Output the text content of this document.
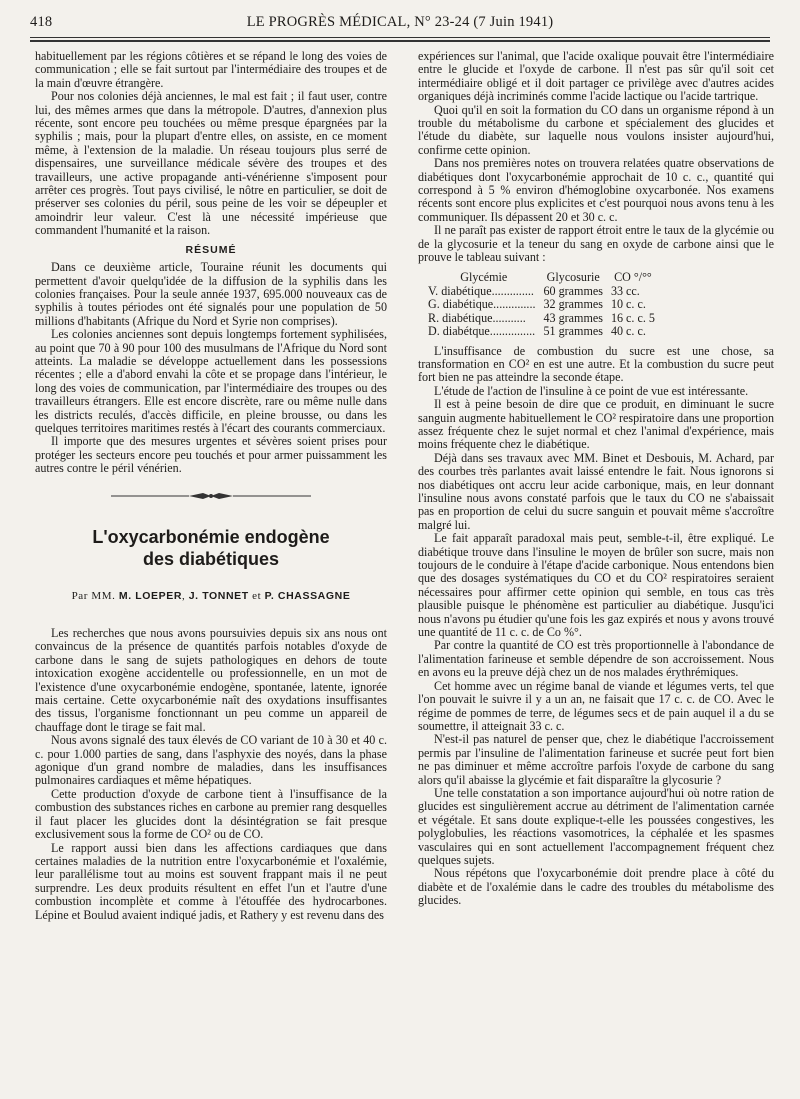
418	LE PROGRÈS MÉDICAL, N° 23-24 (7 Juin 1941)

habituellement par les régions côtières et se répand le long des voies de communication ; elle se fait surtout par l'intermédiaire des troupes et de la main d'œuvre étrangère.

Pour nos colonies déjà anciennes, le mal est fait ; il faut user, contre lui, des mêmes armes que dans la métropole. D'autres, d'annexion plus récente, sont encore peu touchées ou même presque épargnées par la syphilis ; mais, pour la plupart d'entre elles, on assiste, en ce moment même, à l'extension de la maladie. Un réseau toujours plus serré de dispensaires, une surveillance médicale sévère des troupes et des travailleurs, une active propagande anti-vénérienne s'imposent pour arrêter ces progrès. Tout pays civilisé, le nôtre en particulier, se doit de préserver ses colonies du péril, sous peine de les voir se dépeupler et amoindrir leur valeur. C'est là une nécessité impérieuse que commandent l'humanité et la raison.

RÉSUMÉ

Dans ce deuxième article, Touraine réunit les documents qui permettent d'avoir quelqu'idée de la diffusion de la syphilis dans les colonies françaises. Pour la seule année 1937, 695.000 nouveaux cas de syphilis à toutes périodes ont été signalés pour une population de 50 millions d'habitants (Afrique du Nord et Syrie non comprises).

Les colonies anciennes sont depuis longtemps fortement syphilisées, au point que 70 à 90 pour 100 des musulmans de l'Afrique du Nord sont atteints. La maladie se développe actuellement dans les possessions récentes ; elle a d'abord envahi la côte et se propage dans l'intérieur, le long des voies de communication, par l'intermédiaire des troupes ou des travailleurs étrangers. Elle est encore discrète, rare ou même nulle dans les districts reculés, d'accès difficile, en pleine brousse, ou dans les quelques territoires maritimes restés à l'écart des courants commerciaux.

Il importe que des mesures urgentes et sévères soient prises pour protéger les secteurs encore peu touchés et pour armer puissamment les autres contre le péril vénérien.

L'oxycarbonémie endogène
des diabétiques
Par MM. M. LOEPER, J. TONNET et P. CHASSAGNE

Les recherches que nous avons poursuivies depuis six ans nous ont convaincus de la présence de quantités parfois notables d'oxyde de carbone dans le sang de sujets pathologiques en dehors de toute intoxication exogène accidentelle ou professionnelle, en un mot de l'existence d'une oxycarbonémie endogène, spontanée, latente, ignorée mais certaine. Cette oxycarbonémie naît des oxydations insuffisantes des tissus, l'organisme fonctionnant un peu comme un appareil de chauffage dont le tirage se fait mal.

Nous avons signalé des taux élevés de CO variant de 10 à 30 et 40 c. c. pour 1.000 parties de sang, dans l'asphyxie des noyés, dans la phase agonique d'un grand nombre de maladies, dans les insuffisances pulmonaires cardiaques et même hépatiques.

Cette production d'oxyde de carbone tient à l'insuffisance de la combustion des substances riches en carbone au premier rang desquelles il faut placer les glucides dont la désintégration se fait presque exclusivement sous la forme de CO² ou de CO.

Le rapport aussi bien dans les affections cardiaques que dans certaines maladies de la nutrition entre l'oxycarbonémie et l'oxalémie, leur parallélisme tout au moins est souvent frappant mais il ne peut surprendre. Les deux produits résultent en effet l'un et l'autre d'une combustion incomplète et comme à l'étouffée des hydrocarbones. Lépine et Boulud avaient indiqué jadis, et Rathery y est revenu dans des

expériences sur l'animal, que l'acide oxalique pouvait être l'intermédiaire entre le glucide et l'oxyde de carbone. Il n'est pas sûr qu'il soit cet intermédiaire obligé et il doit partager ce privilège avec d'autres acides organiques déjà incriminés comme l'acide lactique ou l'acide tartrique.

Quoi qu'il en soit la formation du CO dans un organisme répond à un trouble du métabolisme du carbone et spécialement des glucides et l'étude du diabète, sur laquelle nous voulons insister aujourd'hui, confirme cette opinion.

Dans nos premières notes on trouvera relatées quatre observations de diabétiques dont l'oxycarbonémie approchait de 10 c. c., quantité qui correspond à 5 % environ d'hémoglobine oxycarbonée. Nos examens récents sont encore plus explicites et c'est pourquoi nous avons tenu à les communiquer. Ils dépassent 20 et 30 c. c.

Il ne paraît pas exister de rapport étroit entre le taux de la glycémie ou de la glycosurie et la teneur du sang en oxyde de carbone ainsi que le prouve le tableau suivant :

Glycémie	Glycosurie	CO °/°°
V. diabétique..............	60 grammes	33 cc.
G. diabétique..............	32 grammes	10 c. c.
R. diabétique...........	43 grammes	16 c. c. 5
D. diabétque...............	51 grammes	40 c. c.

L'insuffisance de combustion du sucre est une chose, sa transformation en CO² en est une autre. Et la combustion du sucre peut fort bien ne pas atteindre la seconde étape.

L'étude de l'action de l'insuline à ce point de vue est intéressante.

Il est à peine besoin de dire que ce produit, en diminuant le sucre sanguin augmente habituellement le CO² respiratoire dans une proportion assez fréquente chez le sujet normal et chez l'animal d'expérience, mais moins fréquente chez le diabétique.

Déjà dans ses travaux avec MM. Binet et Desbouis, M. Achard, par des courbes très parlantes avait laissé entendre le fait. Nous ignorons si nos diabétiques ont accru leur acide carbonique, mais, en leur donnant l'insuline nous avons constaté parfois que le taux du CO ne s'abaissait pas en proportion de celui du sucre sanguin et pouvait même s'accroître malgré lui.

Le fait apparaît paradoxal mais peut, semble-t-il, être expliqué. Le diabétique trouve dans l'insuline le moyen de brûler son sucre, mais non toujours de le conduire à l'étape d'acide carbonique. Nous entendons bien que des dosages systématiques du CO et du CO² respiratoires seraient nécessaires pour affirmer cette opinion qui semble, en tous cas très plausible puisque le phénomène est particulier au diabétique. Jusqu'ici nous n'avons pu étudier qu'une fois les gaz expirés et nous y avons trouvé une quantité de 11 c. c. de Co %°.

Par contre la quantité de CO est très proportionnelle à l'abondance de l'alimentation farineuse et semble dépendre de son accroissement. Nous en avons eu la preuve déjà chez un de nos malades érythrémiques.

Cet homme avec un régime banal de viande et légumes verts, tel que l'on pouvait le suivre il y a un an, ne faisait que 17 c. c. de CO. Avec le régime de pommes de terre, de légumes secs et de pain auquel il a du se soumettre, il atteignait 33 c. c.

N'est-il pas naturel de penser que, chez le diabétique l'accroissement permis par l'insuline de l'alimentation farineuse et sucrée peut fort bien ne pas diminuer et même accroître parfois l'oxyde de carbone du sang alors qu'il abaisse la glycémie et fait disparaître la glycosurie ?

Une telle constatation a son importance aujourd'hui où notre ration de glucides est singulièrement accrue au détriment de l'alimentation carnée et végétale. Et sans doute explique-t-elle les poussées congestives, les polyglobulies, les réactions vasomotrices, la céphalée et les spasmes vasculaires qui en sont actuellement l'accompagnement fréquent chez quelques sujets.

Nous répétons que l'oxycarbonémie doit prendre place à côté du diabète et de l'oxalémie dans le cadre des troubles du métabolisme des glucides.
